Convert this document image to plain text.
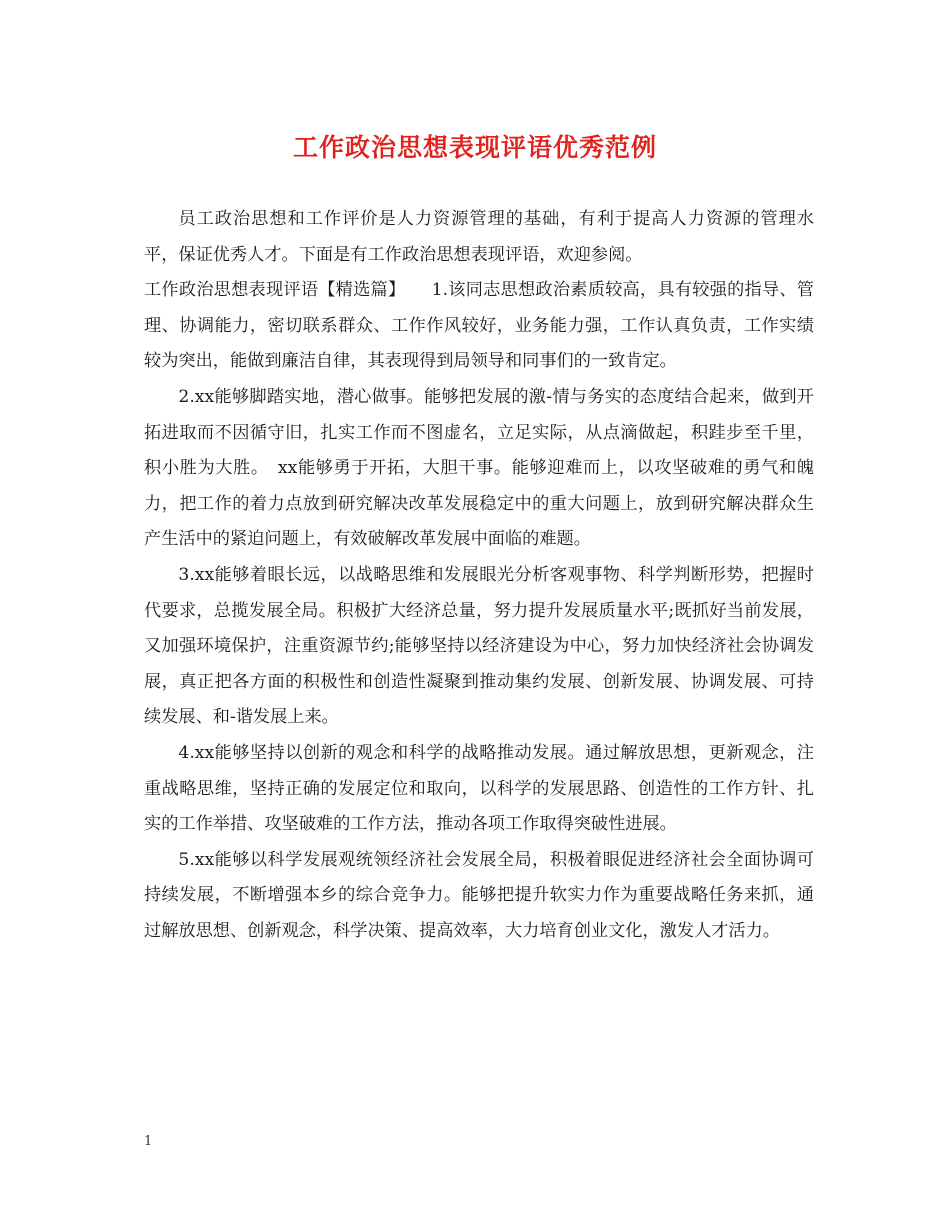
工作政治思想表现评语优秀范例

员工政治思想和工作评价是人力资源管理的基础，有利于提高人力资源的管理水平，保证优秀人才。下面是有工作政治思想表现评语，欢迎参阅。

工作政治思想表现评语【精选篇】　　1.该同志思想政治素质较高，具有较强的指导、管理、协调能力，密切联系群众、工作作风较好，业务能力强，工作认真负责，工作实绩较为突出，能做到廉洁自律，其表现得到局领导和同事们的一致肯定。

2.xx能够脚踏实地，潜心做事。能够把发展的激-情与务实的态度结合起来，做到开拓进取而不因循守旧，扎实工作而不图虚名，立足实际，从点滴做起，积跬步至千里，积小胜为大胜。　xx能够勇于开拓，大胆干事。能够迎难而上，以攻坚破难的勇气和魄力，把工作的着力点放到研究解决改革发展稳定中的重大问题上，放到研究解决群众生产生活中的紧迫问题上，有效破解改革发展中面临的难题。

3.xx能够着眼长远，以战略思维和发展眼光分析客观事物、科学判断形势，把握时代要求，总揽发展全局。积极扩大经济总量，努力提升发展质量水平;既抓好当前发展，又加强环境保护，注重资源节约;能够坚持以经济建设为中心，努力加快经济社会协调发展，真正把各方面的积极性和创造性凝聚到推动集约发展、创新发展、协调发展、可持续发展、和-谐发展上来。

4.xx能够坚持以创新的观念和科学的战略推动发展。通过解放思想，更新观念，注重战略思维，坚持正确的发展定位和取向，以科学的发展思路、创造性的工作方针、扎实的工作举措、攻坚破难的工作方法，推动各项工作取得突破性进展。

5.xx能够以科学发展观统领经济社会发展全局，积极着眼促进经济社会全面协调可持续发展，不断增强本乡的综合竞争力。能够把提升软实力作为重要战略任务来抓，通过解放思想、创新观念，科学决策、提高效率，大力培育创业文化，激发人才活力。

1
